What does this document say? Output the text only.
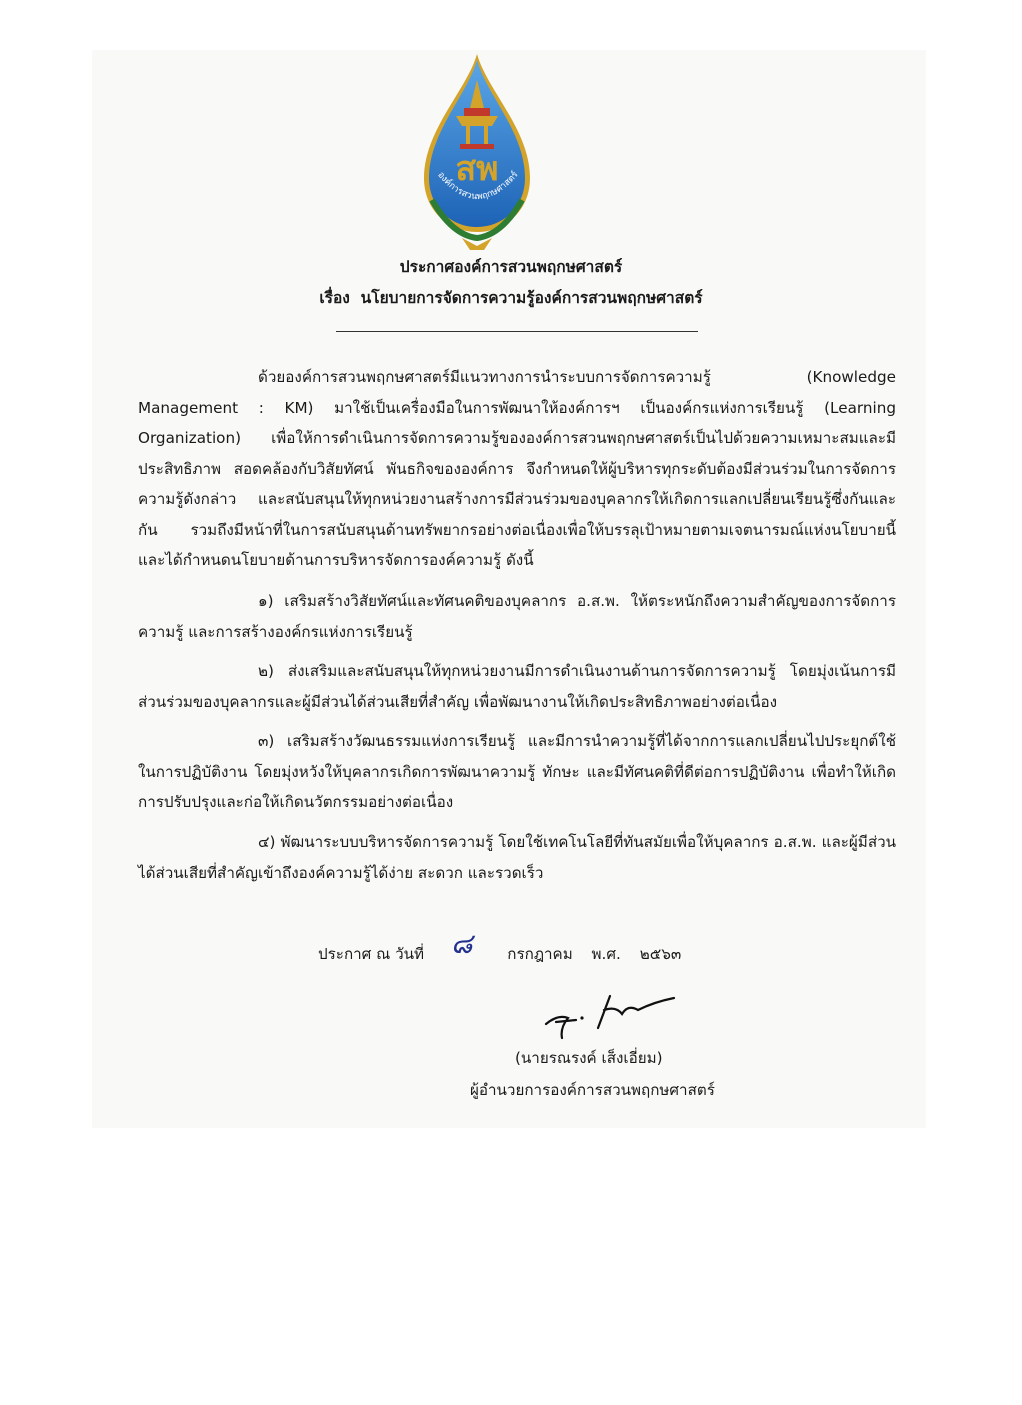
สพ
องค์การสวนพฤกษศาสตร์
ประกาศองค์การสวนพฤกษศาสตร์
เรื่อง นโยบายการจัดการความรู้องค์การสวนพฤกษศาสตร์

ด้วยองค์การสวนพฤกษศาสตร์มีแนวทางการนำระบบการจัดการความรู้ (Knowledge Management : KM) มาใช้เป็นเครื่องมือในการพัฒนาให้องค์การฯ เป็นองค์กรแห่งการเรียนรู้ (Learning Organization) เพื่อให้การดำเนินการจัดการความรู้ขององค์การสวนพฤกษศาสตร์เป็นไปด้วยความเหมาะสมและมีประสิทธิภาพ สอดคล้องกับวิสัยทัศน์ พันธกิจขององค์การ จึงกำหนดให้ผู้บริหารทุกระดับต้องมีส่วนร่วมในการจัดการความรู้ดังกล่าว และสนับสนุนให้ทุกหน่วยงานสร้างการมีส่วนร่วมของบุคลากรให้เกิดการแลกเปลี่ยนเรียนรู้ซึ่งกันและกัน รวมถึงมีหน้าที่ในการสนับสนุนด้านทรัพยากรอย่างต่อเนื่องเพื่อให้บรรลุเป้าหมายตามเจตนารมณ์แห่งนโยบายนี้ และได้กำหนดนโยบายด้านการบริหารจัดการองค์ความรู้ ดังนี้

๑) เสริมสร้างวิสัยทัศน์และทัศนคติของบุคลากร อ.ส.พ. ให้ตระหนักถึงความสำคัญของการจัดการความรู้ และการสร้างองค์กรแห่งการเรียนรู้

๒) ส่งเสริมและสนับสนุนให้ทุกหน่วยงานมีการดำเนินงานด้านการจัดการความรู้ โดยมุ่งเน้นการมีส่วนร่วมของบุคลากรและผู้มีส่วนได้ส่วนเสียที่สำคัญ เพื่อพัฒนางานให้เกิดประสิทธิภาพอย่างต่อเนื่อง

๓) เสริมสร้างวัฒนธรรมแห่งการเรียนรู้ และมีการนำความรู้ที่ได้จากการแลกเปลี่ยนไปประยุกต์ใช้ในการปฏิบัติงาน โดยมุ่งหวังให้บุคลากรเกิดการพัฒนาความรู้ ทักษะ และมีทัศนคติที่ดีต่อการปฏิบัติงาน เพื่อทำให้เกิดการปรับปรุงและก่อให้เกิดนวัตกรรมอย่างต่อเนื่อง

๔) พัฒนาระบบบริหารจัดการความรู้ โดยใช้เทคโนโลยีที่ทันสมัยเพื่อให้บุคลากร อ.ส.พ. และผู้มีส่วนได้ส่วนเสียที่สำคัญเข้าถึงองค์ความรู้ได้ง่าย สะดวก และรวดเร็ว

ประกาศ ณ วันที่ ๘ กรกฎาคม พ.ศ. ๒๕๖๓
(นายรณรงค์ เส็งเอี่ยม)
ผู้อำนวยการองค์การสวนพฤกษศาสตร์
